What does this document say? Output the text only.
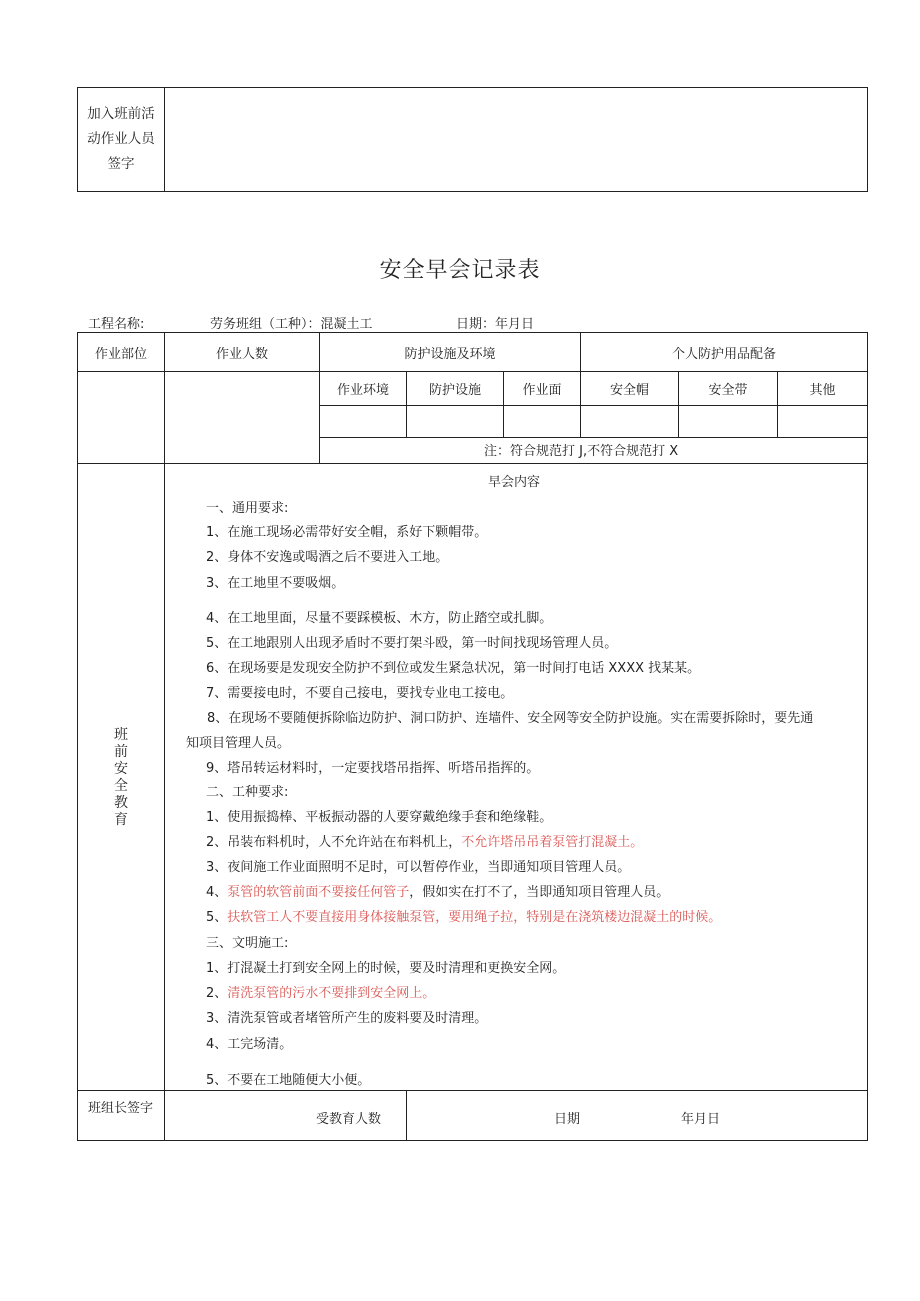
加入班前活
动作业人员
签字
安全早会记录表
工程名称:	劳务班组（工种）：混凝土工	日期：年月日
作业部位	作业人数	防护设施及环境	个人防护用品配备
作业环境	防护设施	作业面	安全帽	安全带	其他
注：符合规范打 J,不符合规范打 X
班
前
安
全
教
育
早会内容
一、通用要求:
1、在施工现场必需带好安全帽，系好下颗帽带。
2、身体不安逸或喝酒之后不要进入工地。
3、在工地里不要吸烟。
4、在工地里面，尽量不要踩模板、木方，防止踏空或扎脚。
5、在工地跟别人出现矛盾时不要打架斗殴，第一时间找现场管理人员。
6、在现场要是发现安全防护不到位或发生紧急状况，第一时间打电话 XXXX 找某某。
7、需要接电时，不要自己接电，要找专业电工接电。
8、在现场不要随便拆除临边防护、洞口防护、连墙件、安全网等安全防护设施。实在需要拆除时，要先通
知项目管理人员。
9、塔吊转运材料时，一定要找塔吊指挥、听塔吊指挥的。
二、工种要求:
1、使用振捣棒、平板振动器的人要穿戴绝缘手套和绝缘鞋。
2、吊装布料机时，人不允许站在布料机上，不允许塔吊吊着泵管打混凝土。
3、夜间施工作业面照明不足时，可以暂停作业，当即通知项目管理人员。
4、泵管的软管前面不要接任何管子，假如实在打不了，当即通知项目管理人员。
5、扶软管工人不要直接用身体接触泵管，要用绳子拉，特别是在浇筑楼边混凝土的时候。
三、文明施工:
1、打混凝土打到安全网上的时候，要及时清理和更换安全网。
2、清洗泵管的污水不要排到安全网上。
3、清洗泵管或者堵管所产生的废料要及时清理。
4、工完场清。
5、不要在工地随便大小便。
班组长签字
受教育人数	日期	年月日
